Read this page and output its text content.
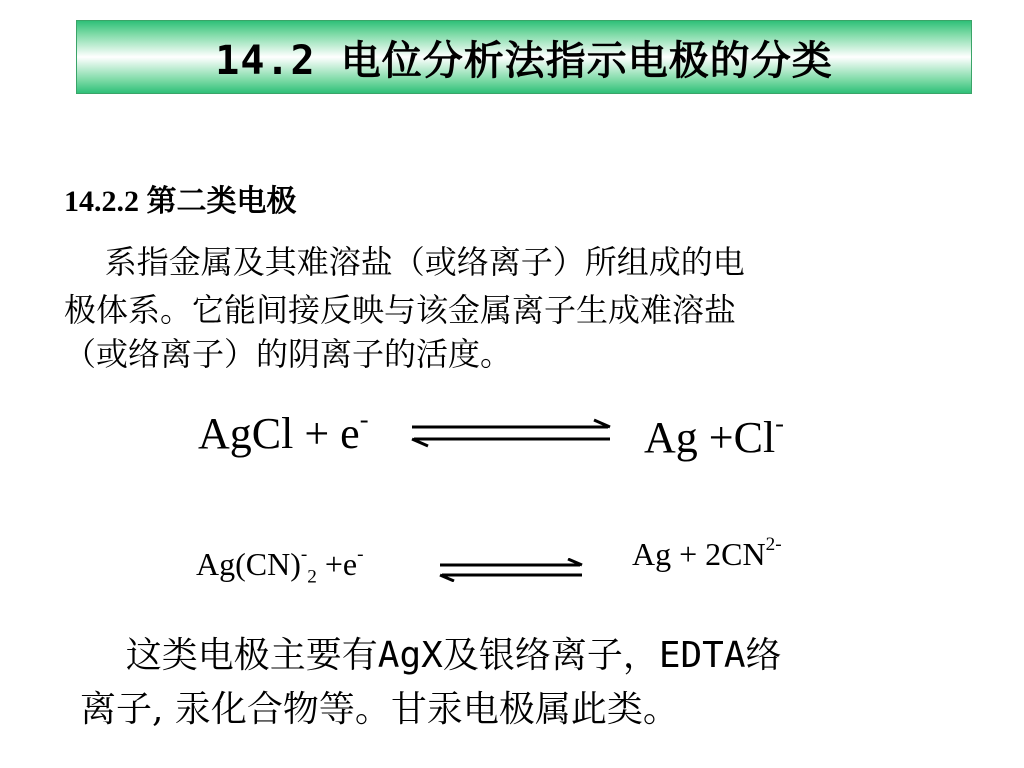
14.2 电位分析法指示电极的分类
14.2.2 第二类电极
系指金属及其难溶盐（或络离子）所组成的电
极体系。它能间接反映与该金属离子生成难溶盐
（或络离子）的阴离子的活度。
AgCl + e-	Ag +Cl-
$Ag(CN)^-_2 +e^-$	$Ag + 2CN^{2-}$
这类电极主要有AgX及银络离子，EDTA络
离子, 汞化合物等。甘汞电极属此类。
